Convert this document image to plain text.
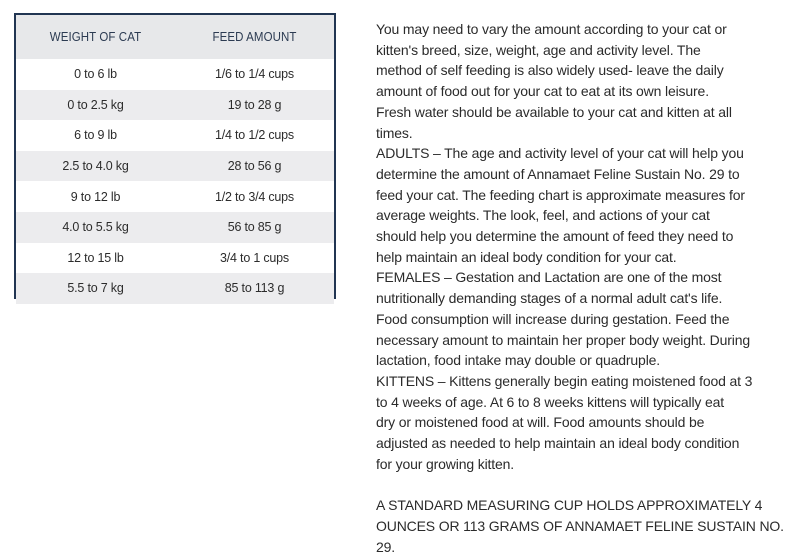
WEIGHT OF CAT	FEED AMOUNT
0 to 6 lb	1/6 to 1/4 cups
0 to 2.5 kg	19 to 28 g
6 to 9 lb	1/4 to 1/2 cups
2.5 to 4.0 kg	28 to 56 g
9 to 12 lb	1/2 to 3/4 cups
4.0 to 5.5 kg	56 to 85 g
12 to 15 lb	3/4 to 1 cups
5.5 to 7 kg	85 to 113 g

You may need to vary the amount according to your cat or
kitten's breed, size, weight, age and activity level. The
method of self feeding is also widely used- leave the daily
amount of food out for your cat to eat at its own leisure.
Fresh water should be available to your cat and kitten at all
times.

ADULTS – The age and activity level of your cat will help you
determine the amount of Annamaet Feline Sustain No. 29 to
feed your cat. The feeding chart is approximate measures for
average weights. The look, feel, and actions of your cat
should help you determine the amount of feed they need to
help maintain an ideal body condition for your cat.

FEMALES – Gestation and Lactation are one of the most
nutritionally demanding stages of a normal adult cat's life.
Food consumption will increase during gestation. Feed the
necessary amount to maintain her proper body weight. During
lactation, food intake may double or quadruple.

KITTENS – Kittens generally begin eating moistened food at 3
to 4 weeks of age. At 6 to 8 weeks kittens will typically eat
dry or moistened food at will. Food amounts should be
adjusted as needed to help maintain an ideal body condition
for your growing kitten.

A STANDARD MEASURING CUP HOLDS APPROXIMATELY 4
OUNCES OR 113 GRAMS OF ANNAMAET FELINE SUSTAIN NO. 29.
